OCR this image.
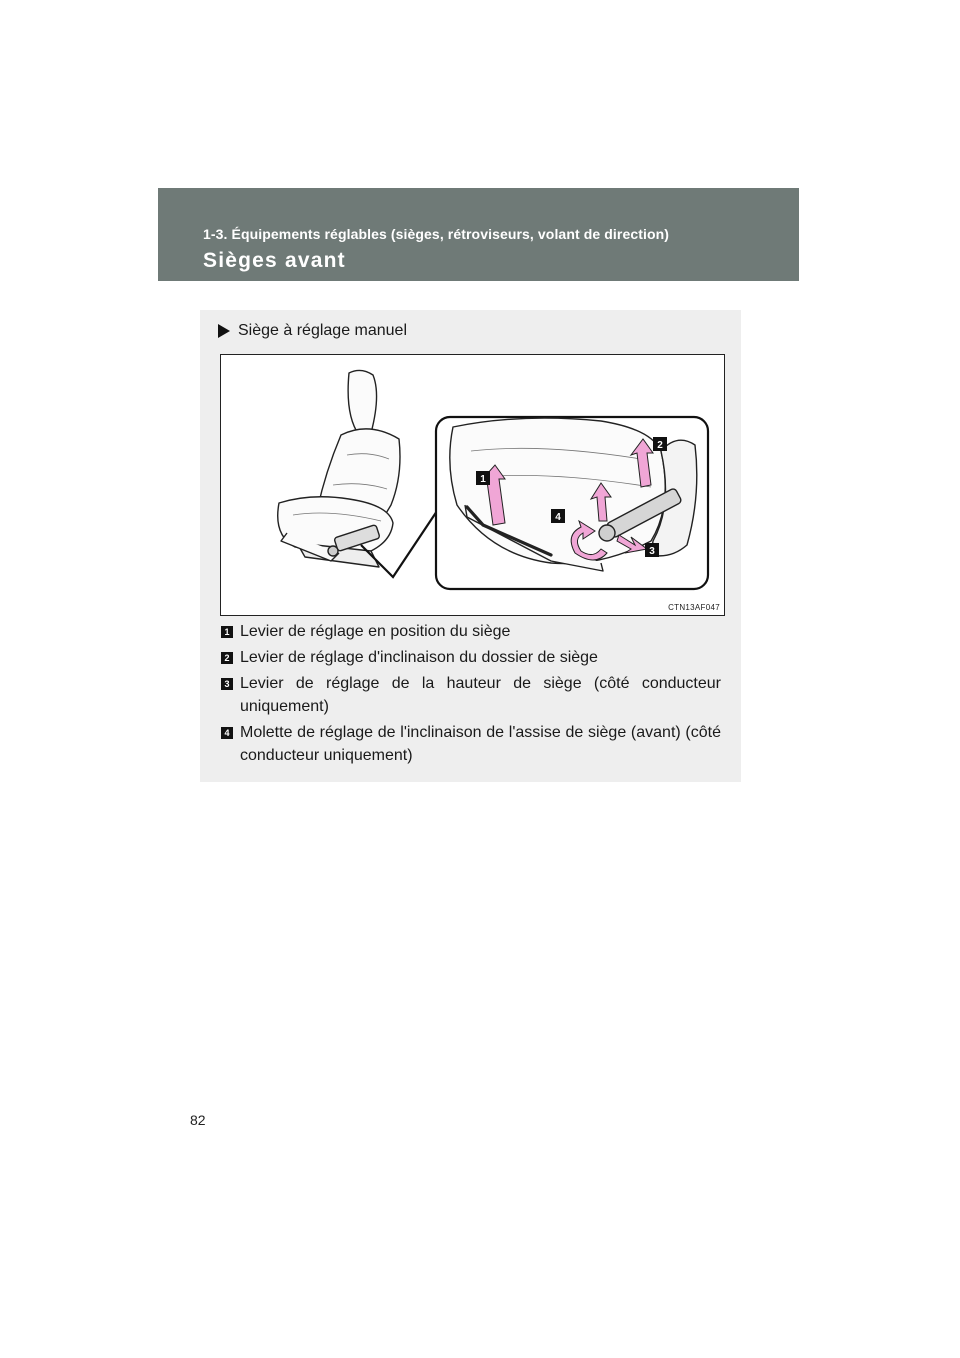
1-3. Équipements réglables (sièges, rétroviseurs, volant de direction)
Sièges avant
Siège à réglage manuel
1
2
3
4
CTN13AF047
1 Levier de réglage en position du siège
2 Levier de réglage d'inclinaison du dossier de siège
3 Levier de réglage de la hauteur de siège (côté conducteur uniquement)
4 Molette de réglage de l'inclinaison de l'assise de siège (avant) (côté conducteur uniquement)
82
